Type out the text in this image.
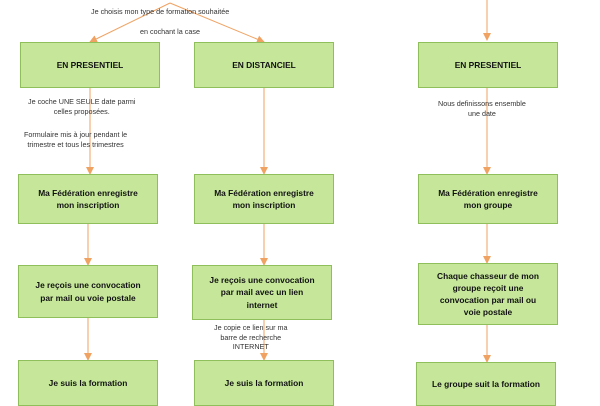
Je choisis mon type de formation souhaitée
en cochant la case
EN PRESENTIEL
Je coche UNE SEULE date parmi
celles proposées.
Formulaire mis à jour pendant le
trimestre et tous les trimestres
Ma Fédération enregistre
mon inscription
Je reçois une convocation
par mail ou voie postale
Je suis la formation
EN DISTANCIEL
Ma Fédération enregistre
mon inscription
Je reçois une convocation
par mail avec un lien
internet
Je copie ce lien sur ma
barre de recherche
INTERNET
Je suis la formation
EN PRESENTIEL
Nous definissons ensemble
une date
Ma Fédération enregistre
mon groupe
Chaque chasseur de mon
groupe reçoit une
convocation par mail ou
voie postale
Le groupe suit la formation
